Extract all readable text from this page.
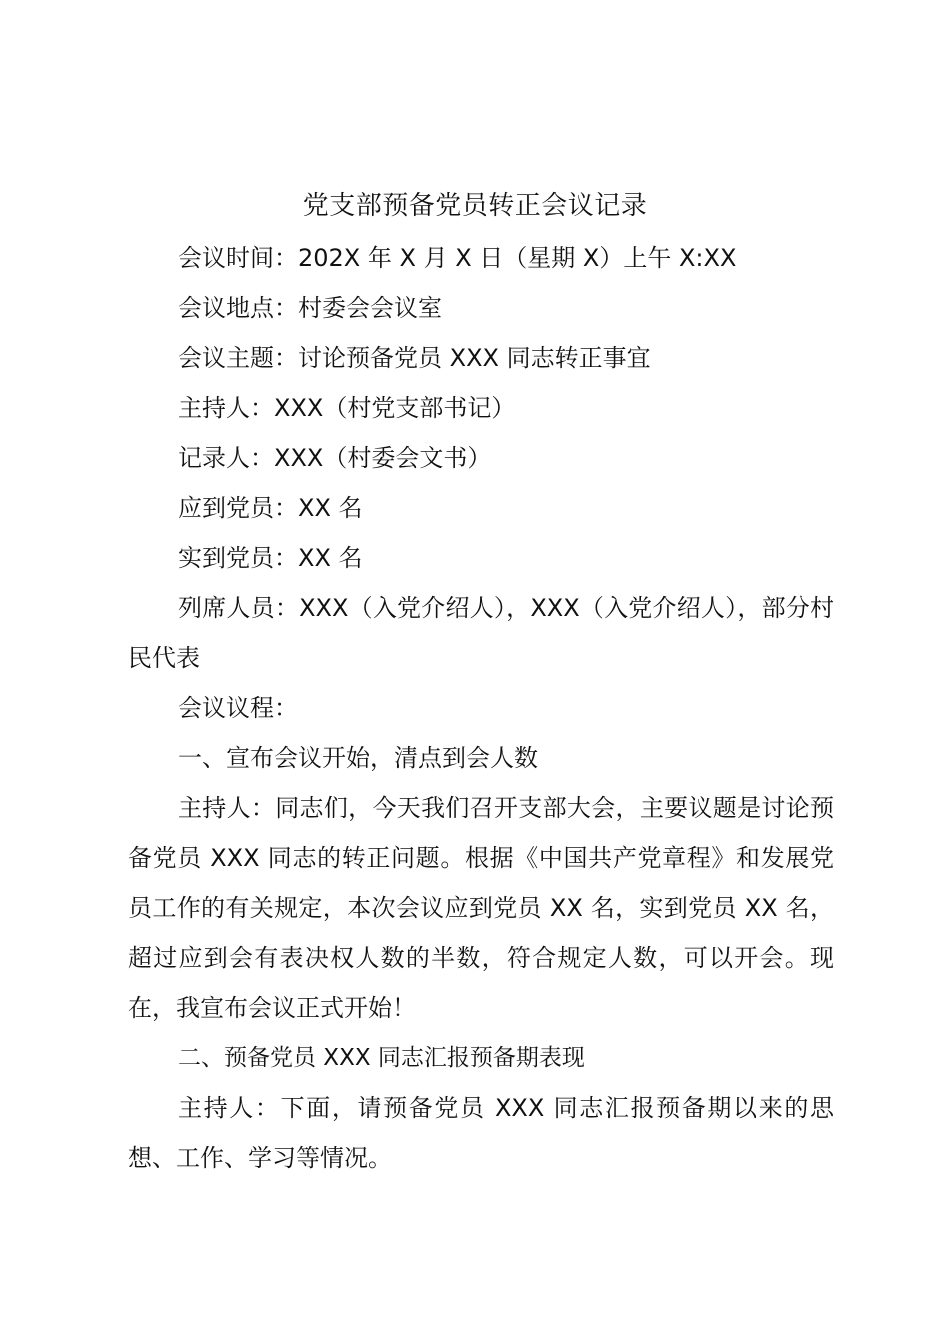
党支部预备党员转正会议记录

会议时间：202X 年 X 月 X 日（星期 X）上午 X:XX

会议地点：村委会会议室

会议主题：讨论预备党员 XXX 同志转正事宜

主持人：XXX（村党支部书记）

记录人：XXX（村委会文书）

应到党员：XX 名

实到党员：XX 名

列席人员：XXX（入党介绍人），XXX（入党介绍人），部分村民代表

会议议程：

一、宣布会议开始，清点到会人数

主持人：同志们，今天我们召开支部大会，主要议题是讨论预备党员 XXX 同志的转正问题。根据《中国共产党章程》和发展党员工作的有关规定，本次会议应到党员 XX 名，实到党员 XX 名，超过应到会有表决权人数的半数，符合规定人数，可以开会。现在，我宣布会议正式开始！

二、预备党员 XXX 同志汇报预备期表现

主持人：下面，请预备党员 XXX 同志汇报预备期以来的思想、工作、学习等情况。
